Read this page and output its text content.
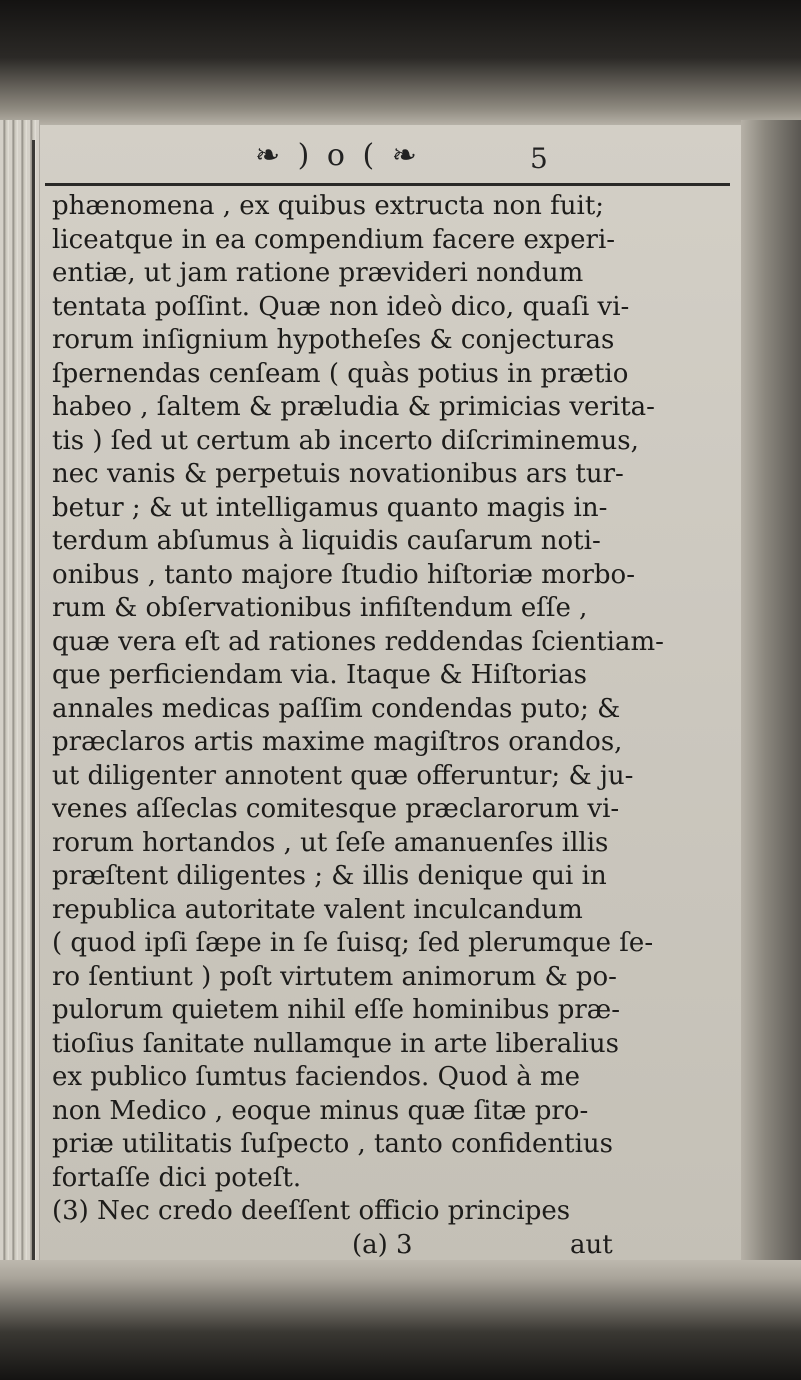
❧ ) o ( ❧	5
phænomena , ex quibus extructa non fuit;
liceatque in ea compendium facere experi-
entiæ, ut jam ratione prævideri nondum
tentata poſſint. Quæ non ideò dico, quaſi vi-
rorum inſignium hypotheſes & conjecturas
ſpernendas cenſeam ( quàs potius in prætio
habeo , ſaltem & præludia & primicias verita-
tis ) ſed ut certum ab incerto diſcriminemus,
nec vanis & perpetuis novationibus ars tur-
betur ; & ut intelligamus quanto magis in-
terdum abſumus à liquidis cauſarum noti-
onibus , tanto majore ſtudio hiſtoriæ morbo-
rum & obſervationibus infiſtendum eſſe ,
quæ vera eſt ad rationes reddendas ſcientiam-
que perficiendam via. Itaque & Hiſtorias
annales medicas paſſim condendas puto; &
præclaros artis maxime magiſtros orandos,
ut diligenter annotent quæ offeruntur; & ju-
venes aſſeclas comitesque præclarorum vi-
rorum hortandos , ut ſeſe amanuenſes illis
præſtent diligentes ; & illis denique qui in
republica autoritate valent inculcandum
( quod ipſi ſæpe in ſe ſuisq; ſed plerumque ſe-
ro ſentiunt ) poſt virtutem animorum & po-
pulorum quietem nihil eſſe hominibus præ-
tioſius ſanitate nullamque in arte liberalius
ex publico ſumtus faciendos. Quod à me
non Medico , eoque minus quæ ſitæ pro-
priæ utilitatis ſuſpecto , tanto confidentius
fortaſſe dici poteſt.
(3) Nec credo deeſſent officio principes
(a) 3	aut
